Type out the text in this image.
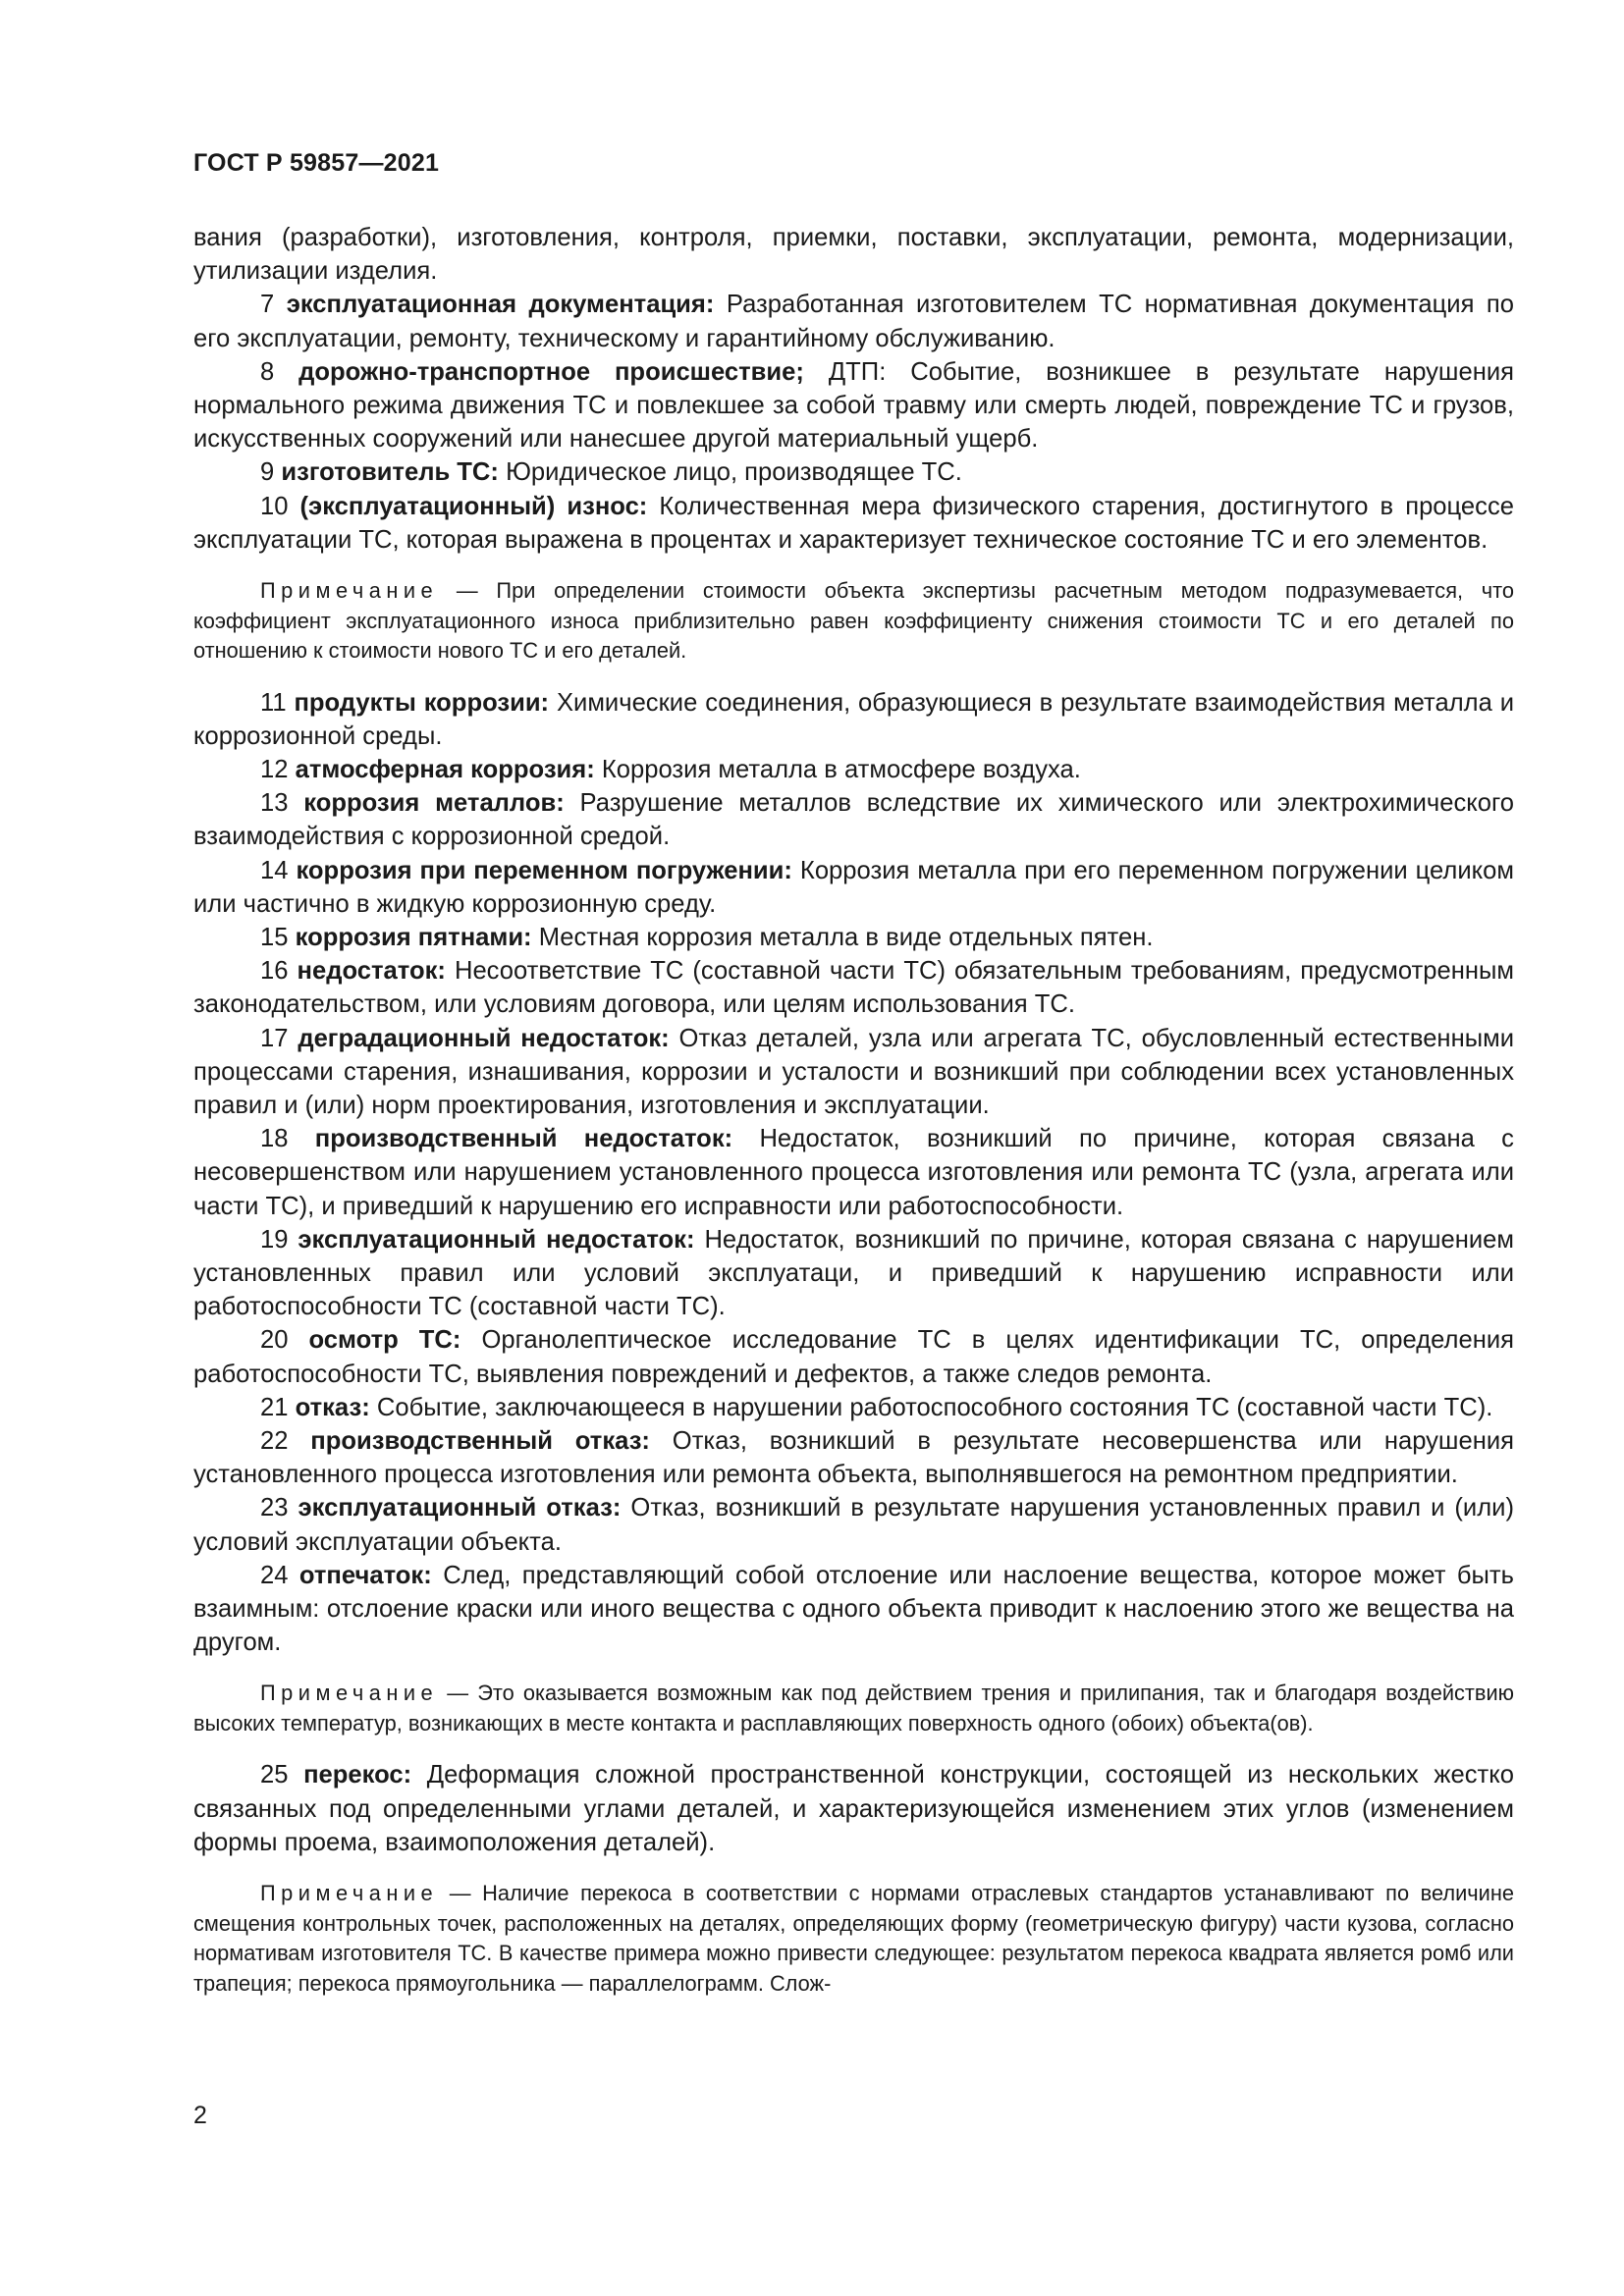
ГОСТ Р 59857—2021

вания (разработки), изготовления, контроля, приемки, поставки, эксплуатации, ремонта, модернизации, утилизации изделия.

7 эксплуатационная документация: Разработанная изготовителем ТС нормативная документация по его эксплуатации, ремонту, техническому и гарантийному обслуживанию.

8 дорожно-транспортное происшествие; ДТП: Событие, возникшее в результате нарушения нормального режима движения ТС и повлекшее за собой травму или смерть людей, повреждение ТС и грузов, искусственных сооружений или нанесшее другой материальный ущерб.

9 изготовитель ТС: Юридическое лицо, производящее ТС.

10 (эксплуатационный) износ: Количественная мера физического старения, достигнутого в процессе эксплуатации ТС, которая выражена в процентах и характеризует техническое состояние ТС и его элементов.

Примечание — При определении стоимости объекта экспертизы расчетным методом подразумевается, что коэффициент эксплуатационного износа приблизительно равен коэффициенту снижения стоимости ТС и его деталей по отношению к стоимости нового ТС и его деталей.

11 продукты коррозии: Химические соединения, образующиеся в результате взаимодействия металла и коррозионной среды.

12 атмосферная коррозия: Коррозия металла в атмосфере воздуха.

13 коррозия металлов: Разрушение металлов вследствие их химического или электрохимического взаимодействия с коррозионной средой.

14 коррозия при переменном погружении: Коррозия металла при его переменном погружении целиком или частично в жидкую коррозионную среду.

15 коррозия пятнами: Местная коррозия металла в виде отдельных пятен.

16 недостаток: Несоответствие ТС (составной части ТС) обязательным требованиям, предусмотренным законодательством, или условиям договора, или целям использования ТС.

17 деградационный недостаток: Отказ деталей, узла или агрегата ТС, обусловленный естественными процессами старения, изнашивания, коррозии и усталости и возникший при соблюдении всех установленных правил и (или) норм проектирования, изготовления и эксплуатации.

18 производственный недостаток: Недостаток, возникший по причине, которая связана с несовершенством или нарушением установленного процесса изготовления или ремонта ТС (узла, агрегата или части ТС), и приведший к нарушению его исправности или работоспособности.

19 эксплуатационный недостаток: Недостаток, возникший по причине, которая связана с нарушением установленных правил или условий эксплуатаци, и приведший к нарушению исправности или работоспособности ТС (составной части ТС).

20 осмотр ТС: Органолептическое исследование ТС в целях идентификации ТС, определения работоспособности ТС, выявления повреждений и дефектов, а также следов ремонта.

21 отказ: Событие, заключающееся в нарушении работоспособного состояния ТС (составной части ТС).

22 производственный отказ: Отказ, возникший в результате несовершенства или нарушения установленного процесса изготовления или ремонта объекта, выполнявшегося на ремонтном предприятии.

23 эксплуатационный отказ: Отказ, возникший в результате нарушения установленных правил и (или) условий эксплуатации объекта.

24 отпечаток: След, представляющий собой отслоение или наслоение вещества, которое может быть взаимным: отслоение краски или иного вещества с одного объекта приводит к наслоению этого же вещества на другом.

Примечание — Это оказывается возможным как под действием трения и прилипания, так и благодаря воздействию высоких температур, возникающих в месте контакта и расплавляющих поверхность одного (обоих) объекта(ов).

25 перекос: Деформация сложной пространственной конструкции, состоящей из нескольких жестко связанных под определенными углами деталей, и характеризующейся изменением этих углов (изменением формы проема, взаимоположения деталей).

Примечание — Наличие перекоса в соответствии с нормами отраслевых стандартов устанавливают по величине смещения контрольных точек, расположенных на деталях, определяющих форму (геометрическую фигуру) части кузова, согласно нормативам изготовителя ТС. В качестве примера можно привести следующее: результатом перекоса квадрата является ромб или трапеция; перекоса прямоугольника — параллелограмм. Слож-

2
